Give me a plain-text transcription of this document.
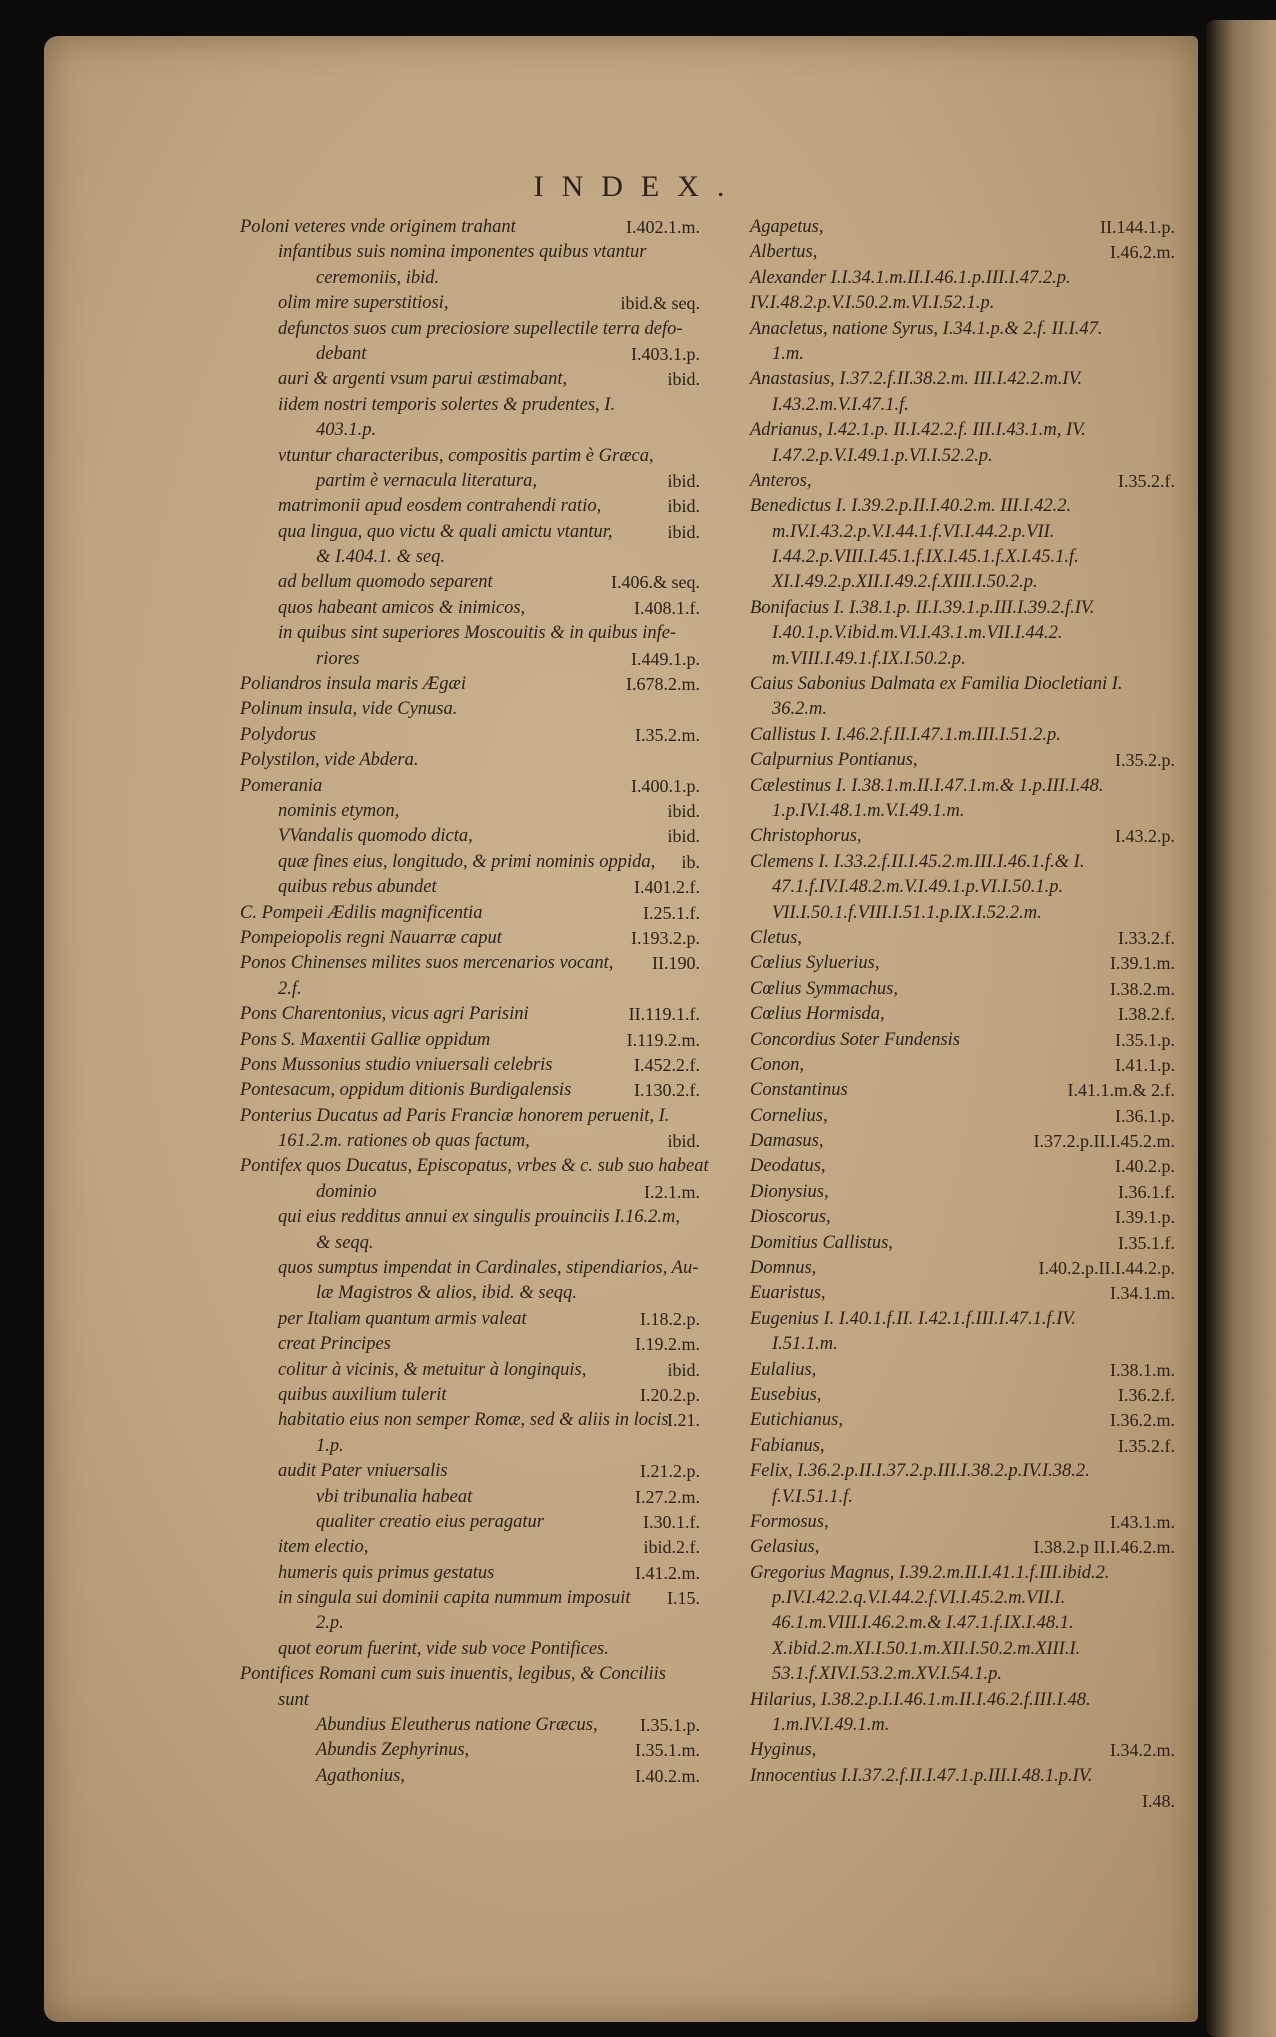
INDEX.
Poloni veteres vnde originem trahant	I.402.1.m.
infantibus suis nomina imponentes quibus vtantur
ceremoniis, ibid.
olim mire superstitiosi,	ibid.& seq.
defunctos suos cum preciosiore supellectile terra defo-
debant	I.403.1.p.
auri & argenti vsum parui æstimabant,	ibid.
iidem nostri temporis solertes & prudentes, I.
403.1.p.
vtuntur characteribus, compositis partim è Græca,
partim è vernacula literatura,	ibid.
matrimonii apud eosdem contrahendi ratio,	ibid.
qua lingua, quo victu & quali amictu vtantur,	ibid.
& I.404.1. & seq.
ad bellum quomodo separent	I.406.& seq.
quos habeant amicos & inimicos,	I.408.1.f.
in quibus sint superiores Moscouitis & in quibus infe-
riores	I.449.1.p.
Poliandros insula maris Ægæi	I.678.2.m.
Polinum insula, vide Cynusa.
Polydorus	I.35.2.m.
Polystilon, vide Abdera.
Pomerania	I.400.1.p.
nominis etymon,	ibid.
VVandalis quomodo dicta,	ibid.
quæ fines eius, longitudo, & primi nominis oppida, ib.
quibus rebus abundet	I.401.2.f.
C. Pompeii Ædilis magnificentia	I.25.1.f.
Pompeiopolis regni Nauarræ caput	I.193.2.p.
Ponos Chinenses milites suos mercenarios vocant, II.190.
2.f.
Pons Charentonius, vicus agri Parisini	II.119.1.f.
Pons S. Maxentii Galliæ oppidum	I.119.2.m.
Pons Mussonius studio vniuersali celebris	I.452.2.f.
Pontesacum, oppidum ditionis Burdigalensis	I.130.2.f.
Ponterius Ducatus ad Paris Franciæ honorem peruenit, I.
161.2.m. rationes ob quas factum,	ibid.
Pontifex quos Ducatus, Episcopatus, vrbes & c. sub suo habeat
dominio	I.2.1.m.
qui eius redditus annui ex singulis prouinciis I.16.2.m,
& seqq.
quos sumptus impendat in Cardinales, stipendiarios, Au-
læ Magistros & alios, ibid. & seqq.
per Italiam quantum armis valeat	I.18.2.p.
creat Principes	I.19.2.m.
colitur à vicinis, & metuitur à longinquis,	ibid.
quibus auxilium tulerit	I.20.2.p.
habitatio eius non semper Romæ, sed & aliis in locis
I.21.
1.p.
audit Pater vniuersalis	I.21.2.p.
vbi tribunalia habeat	I.27.2.m.
qualiter creatio eius peragatur	I.30.1.f.
item electio,	ibid.2.f.
humeris quis primus gestatus	I.41.2.m.
in singula sui dominii capita nummum imposuit I.15.
2.p.
quot eorum fuerint, vide sub voce Pontifices.
Pontifices Romani cum suis inuentis, legibus, & Conciliis
sunt
Abundius Eleutherus natione Græcus, I.35.1.p.
Abundis Zephyrinus,	I.35.1.m.
Agathonius,	I.40.2.m.
Agapetus,	II.144.1.p.
Albertus,	I.46.2.m.
Alexander I.I.34.1.m.II.I.46.1.p.III.I.47.2.p.
IV.I.48.2.p.V.I.50.2.m.VI.I.52.1.p.
Anacletus, natione Syrus, I.34.1.p.& 2.f. II.I.47.
1.m.
Anastasius, I.37.2.f.II.38.2.m. III.I.42.2.m.IV.
I.43.2.m.V.I.47.1.f.
Adrianus, I.42.1.p. II.I.42.2.f. III.I.43.1.m, IV.
I.47.2.p.V.I.49.1.p.VI.I.52.2.p.
Anteros,	I.35.2.f.
Benedictus I. I.39.2.p.II.I.40.2.m. III.I.42.2.
m.IV.I.43.2.p.V.I.44.1.f.VI.I.44.2.p.VII.
I.44.2.p.VIII.I.45.1.f.IX.I.45.1.f.X.I.45.1.f.
XI.I.49.2.p.XII.I.49.2.f.XIII.I.50.2.p.
Bonifacius I. I.38.1.p. II.I.39.1.p.III.I.39.2.f.IV.
I.40.1.p.V.ibid.m.VI.I.43.1.m.VII.I.44.2.
m.VIII.I.49.1.f.IX.I.50.2.p.
Caius Sabonius Dalmata ex Familia Diocletiani I.
36.2.m.
Callistus I. I.46.2.f.II.I.47.1.m.III.I.51.2.p.
Calpurnius Pontianus,	I.35.2.p.
Cælestinus I. I.38.1.m.II.I.47.1.m.& 1.p.III.I.48.
1.p.IV.I.48.1.m.V.I.49.1.m.
Christophorus,	I.43.2.p.
Clemens I. I.33.2.f.II.I.45.2.m.III.I.46.1.f.& I.
47.1.f.IV.I.48.2.m.V.I.49.1.p.VI.I.50.1.p.
VII.I.50.1.f.VIII.I.51.1.p.IX.I.52.2.m.
Cletus,	I.33.2.f.
Cœlius Syluerius,	I.39.1.m.
Cœlius Symmachus,	I.38.2.m.
Cœlius Hormisda,	I.38.2.f.
Concordius Soter Fundensis	I.35.1.p.
Conon,	I.41.1.p.
Constantinus	I.41.1.m.& 2.f.
Cornelius,	I.36.1.p.
Damasus,	I.37.2.p.II.I.45.2.m.
Deodatus,	I.40.2.p.
Dionysius,	I.36.1.f.
Dioscorus,	I.39.1.p.
Domitius Callistus,	I.35.1.f.
Domnus,	I.40.2.p.II.I.44.2.p.
Euaristus,	I.34.1.m.
Eugenius I. I.40.1.f.II. I.42.1.f.III.I.47.1.f.IV.
I.51.1.m.
Eulalius,	I.38.1.m.
Eusebius,	I.36.2.f.
Eutichianus,	I.36.2.m.
Fabianus,	I.35.2.f.
Felix, I.36.2.p.II.I.37.2.p.III.I.38.2.p.IV.I.38.2.
f.V.I.51.1.f.
Formosus,	I.43.1.m.
Gelasius,	I.38.2.p II.I.46.2.m.
Gregorius Magnus, I.39.2.m.II.I.41.1.f.III.ibid.2.
p.IV.I.42.2.q.V.I.44.2.f.VI.I.45.2.m.VII.I.
46.1.m.VIII.I.46.2.m.& I.47.1.f.IX.I.48.1.
X.ibid.2.m.XI.I.50.1.m.XII.I.50.2.m.XIII.I.
53.1.f.XIV.I.53.2.m.XV.I.54.1.p.
Hilarius, I.38.2.p.I.I.46.1.m.II.I.46.2.f.III.I.48.
1.m.IV.I.49.1.m.
Hyginus,	I.34.2.m.
Innocentius I.I.37.2.f.II.I.47.1.p.III.I.48.1.p.IV.
I.48.
